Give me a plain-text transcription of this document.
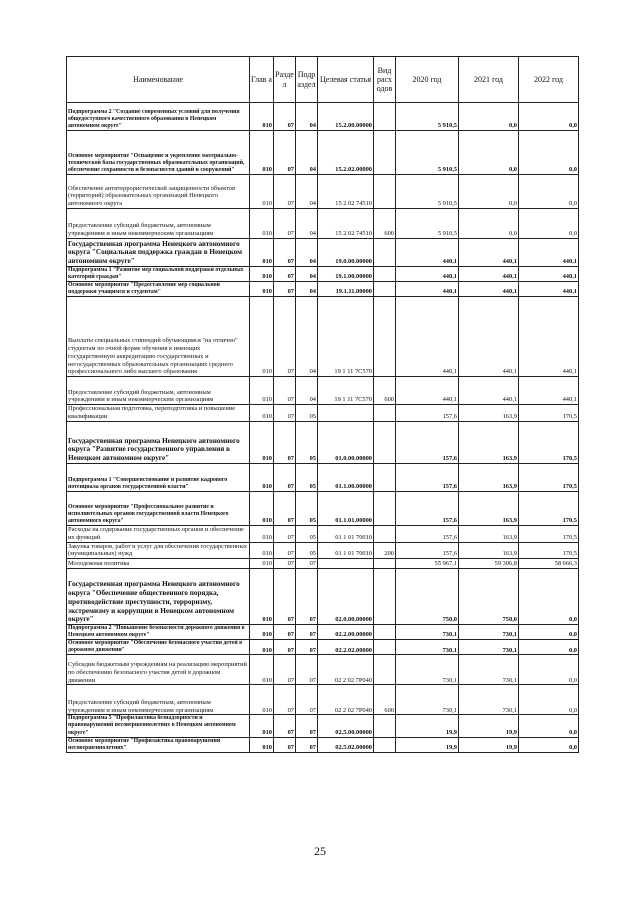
Наименование	Глав а	Разде л	Подр аздел	Целевая статья	Вид расх одов	2020 год	2021 год	2022 год
Подпрограмма 2 "Создание современных условий для получения общедоступного качественного образования в Ненецком автономном округе"	010	07	04	15.2.00.00000		5 910,5	0,0	0,0
Основное мероприятие "Оснащение и укрепление материально-технической базы государственных образовательных организаций, обеспечение сохранности и безопасности зданий и сооружений"	010	07	04	15.2.02.00000		5 910,5	0,0	0,0
Обеспечение антитеррористической защищенности объектов (территорий) образовательных организаций Ненецкого автономного округа	010	07	04	15 2 02 74510		5 910,5	0,0	0,0
Предоставление субсидий бюджетным, автономным учреждениям и иным некоммерческим организациям	010	07	04	15 2 02 74510	600	5 910,5	0,0	0,0
Государственная программа Ненецкого автономного округа "Социальная поддержка граждан в Ненецком автономном округе"	010	07	04	19.0.00.00000		440,1	440,1	440,1
Подпрограмма 1 "Развитие мер социальной поддержки отдельных категорий граждан"	010	07	04	19.1.00.00000		440,1	440,1	440,1
Основное мероприятие "Предоставление мер социальной поддержки учащимся и студентам"	010	07	04	19.1.11.00000		440,1	440,1	440,1
Выплаты специальных стипендий обучающимся "на отлично" студентам по очной форме обучения в имеющих государственную аккредитацию государственных и негосударственных образовательных организациях среднего профессионального либо высшего образования	010	07	04	19 1 11 7С570		440,1	440,1	440,1
Предоставление субсидий бюджетным, автономным учреждениям и иным некоммерческим организациям	010	07	04	19 1 11 7С570	600	440,1	440,1	440,1
Профессиональная подготовка, переподготовка и повышение квалификации	010	07	05			157,6	163,9	170,5
Государственная программа Ненецкого автономного округа "Развитие государственного управления в Ненецком автономном округе"	010	07	05	01.0.00.00000		157,6	163,9	170,5
Подпрограмма 1 "Совершенствование и развитие кадрового потенциала органов государственной власти"	010	07	05	01.1.00.00000		157,6	163,9	170,5
Основное мероприятие "Профессиональное развитие и исполнительных органов государственной власти Ненецкого автономного округа"	010	07	05	01.1.01.00000		157,6	163,9	170,5
Расходы на содержание государственных органов и обеспечение их функций	010	07	05	01 1 01 70010		157,6	163,9	170,5
Закупка товаров, работ и услуг для обеспечения государственных (муниципальных) нужд	010	07	05	01 1 01 70010	200	157,6	163,9	170,5
Молодежная политика	010	07	07			55 967,1	59 306,8	58 666,3
Государственная программа Ненецкого автономного округа "Обеспечение общественного порядка, противодействие преступности, терроризму, экстремизму и коррупции в Ненецком автономном округе"	010	07	07	02.0.00.00000		750,0	750,0	0,0
Подпрограмма 2 "Повышение безопасности дорожного движения в Ненецком автономном округе"	010	07	07	02.2.00.00000		730,1	730,1	0,0
Основное мероприятие "Обеспечение безопасного участия детей в дорожном движении"	010	07	07	02.2.02.00000		730,1	730,1	0,0
Субсидии бюджетным учреждениям на реализацию мероприятий по обеспечению безопасного участия детей в дорожном движении	010	07	07	02 2 02 7Р040		730,1	730,1	0,0
Предоставление субсидий бюджетным, автономным учреждениям и иным некоммерческим организациям	010	07	07	02 2 02 7Р040	600	730,1	730,1	0,0
Подпрограмма 5 "Профилактика безнадзорности и правонарушений несовершеннолетних в Ненецком автономном округе"	010	07	07	02.5.00.00000		19,9	19,9	0,0
Основное мероприятие "Профилактика правонарушений несовершеннолетних"	010	07	07	02.5.02.00000		19,9	19,9	0,0
25
